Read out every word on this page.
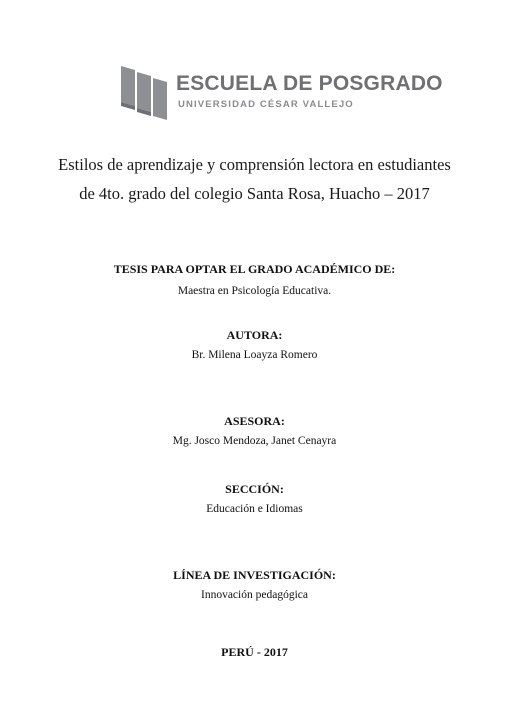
ESCUELA DE POSGRADO
UNIVERSIDAD CÉSAR VALLEJO
Estilos de aprendizaje y comprensión lectora en estudiantes
de 4to. grado del colegio Santa Rosa, Huacho – 2017
TESIS PARA OPTAR EL GRADO ACADÉMICO DE:
Maestra en Psicología Educativa.
AUTORA:
Br. Milena Loayza Romero
ASESORA:
Mg. Josco Mendoza, Janet Cenayra
SECCIÓN:
Educación e Idiomas
LÍNEA DE INVESTIGACIÓN:
Innovación pedagógica
PERÚ - 2017
